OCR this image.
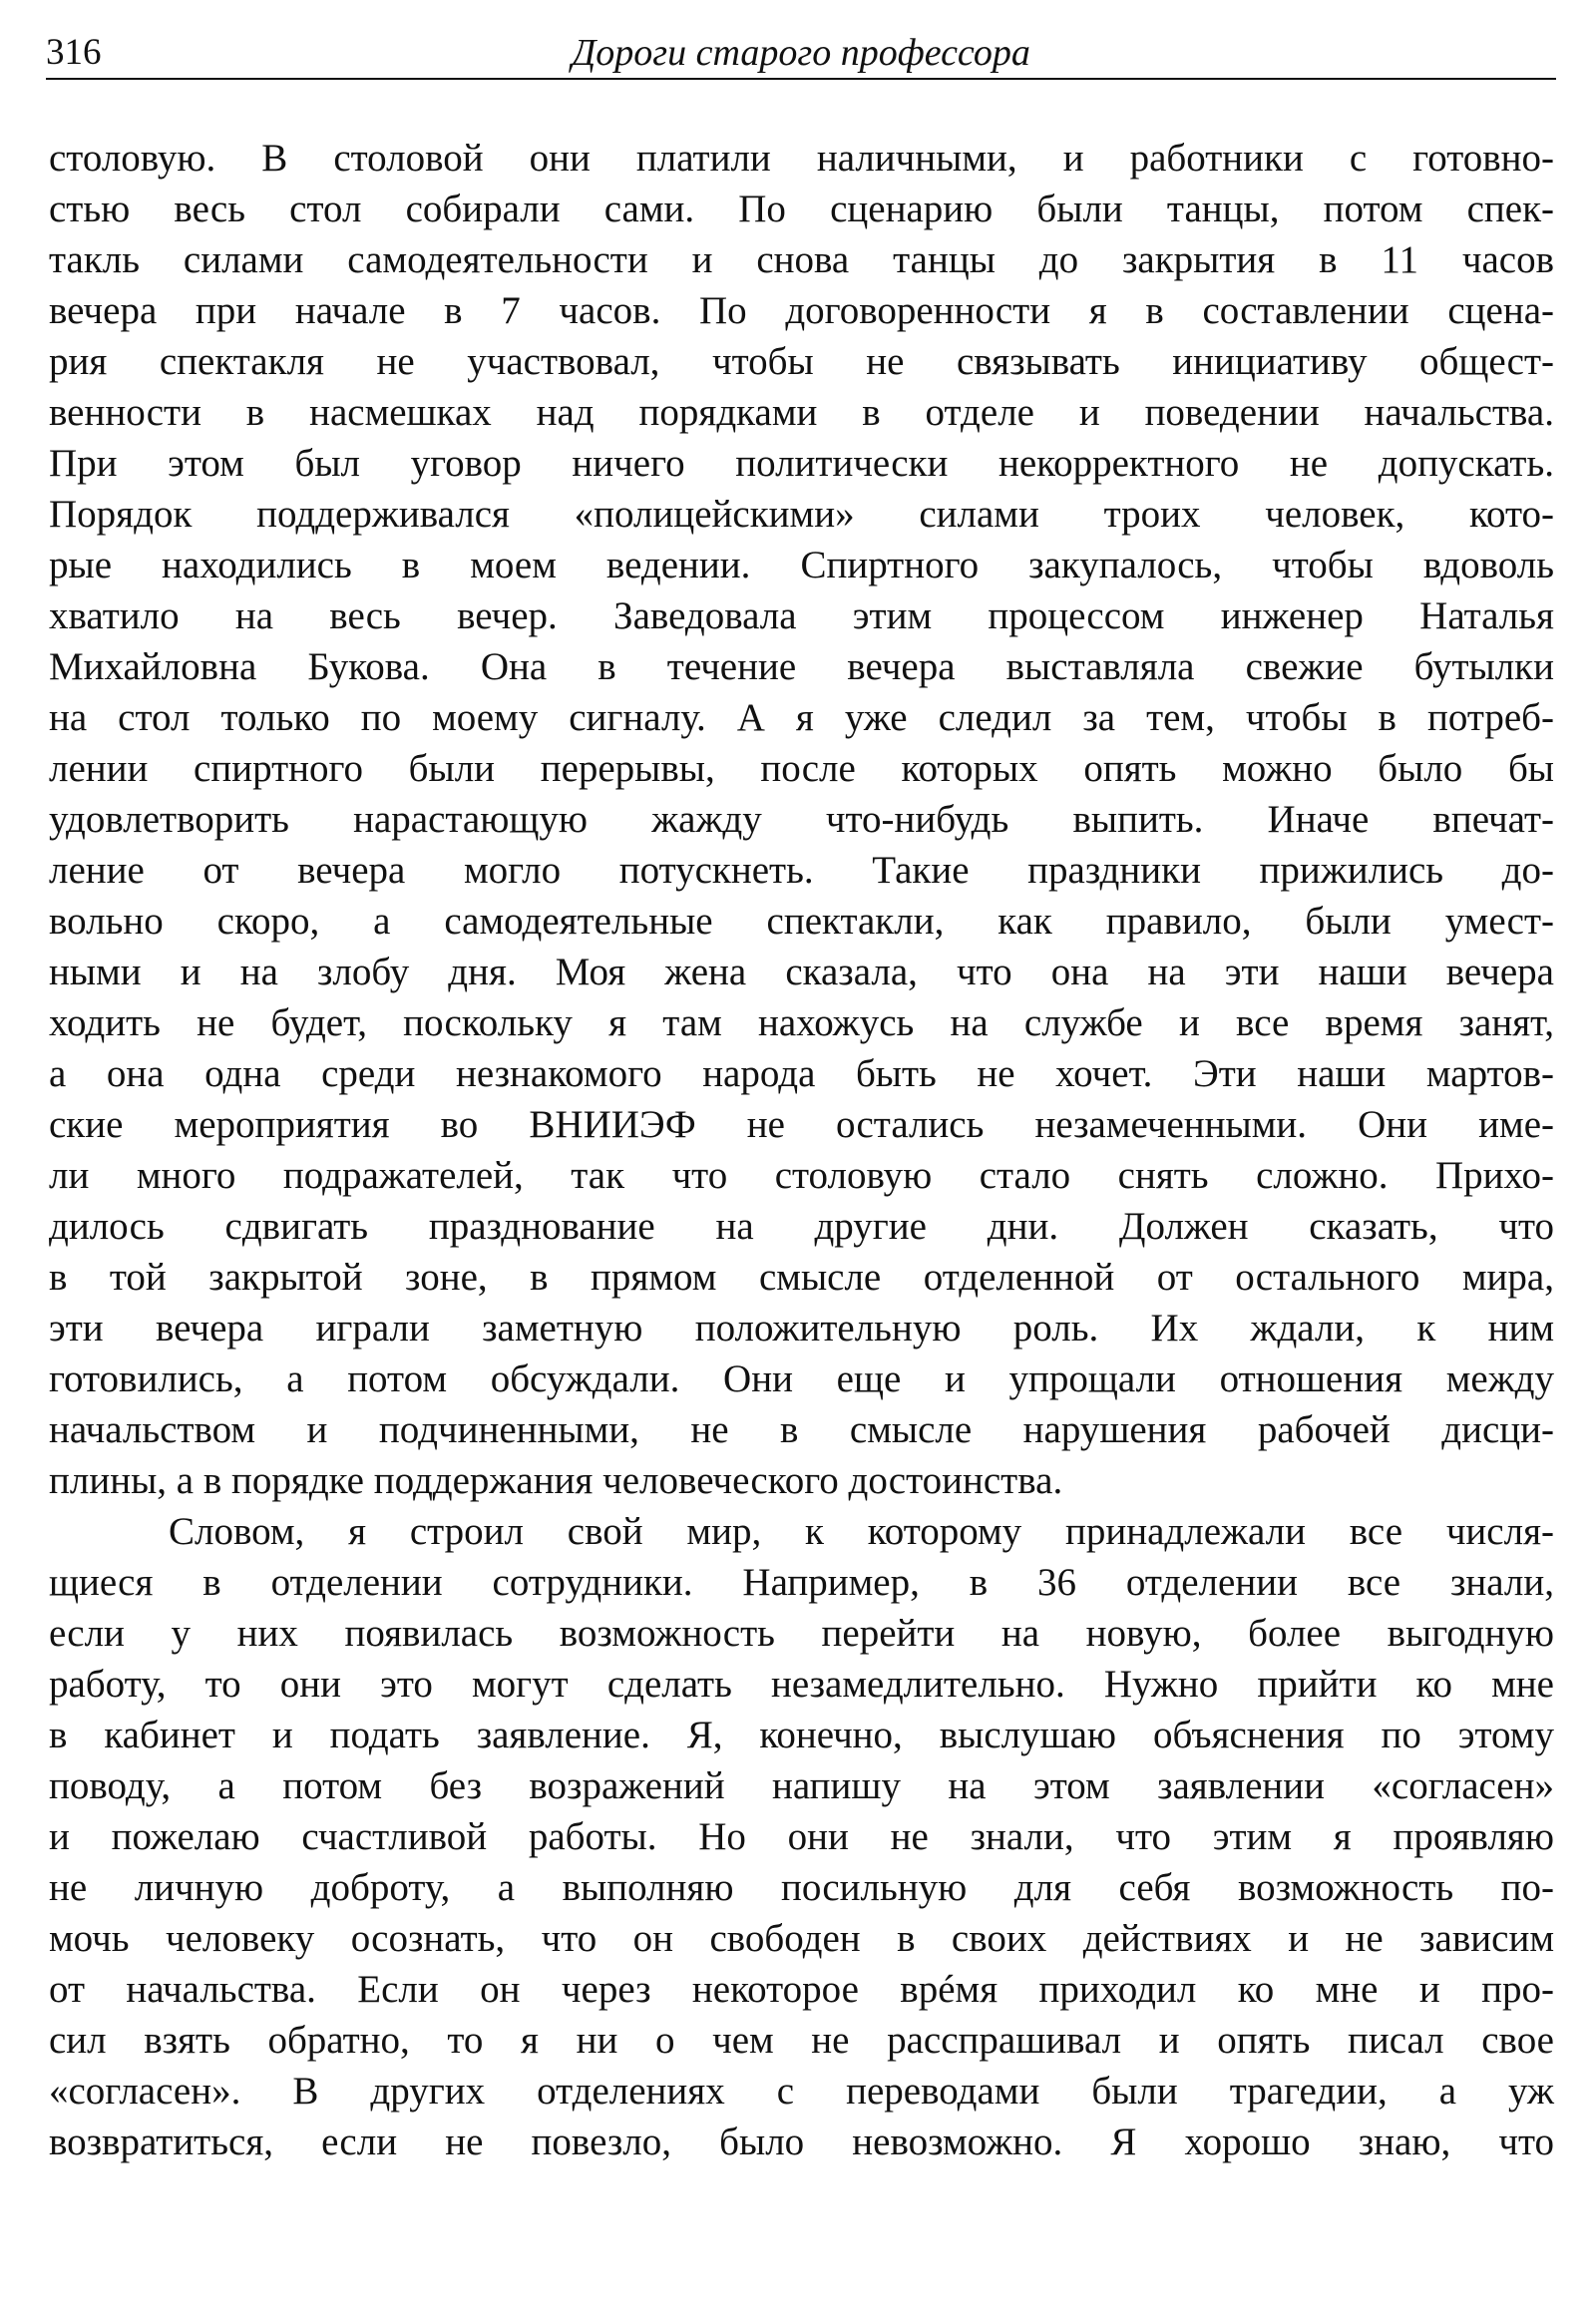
316	Дороги старого профессора
столовую. В столовой они платили наличными, и работники с готовно-
стью весь стол собирали сами. По сценарию были танцы, потом спек-
такль силами самодеятельности и снова танцы до закрытия в 11 часов
вечера при начале в 7 часов. По договоренности я в составлении сцена-
рия спектакля не участвовал, чтобы не связывать инициативу общест-
венности в насмешках над порядками в отделе и поведении начальства.
При этом был уговор ничего политически некорректного не допускать.
Порядок поддерживался «полицейскими» силами троих человек, кото-
рые находились в моем ведении. Спиртного закупалось, чтобы вдоволь
хватило на весь вечер. Заведовала этим процессом инженер Наталья
Михайловна Букова. Она в течение вечера выставляла свежие бутылки
на стол только по моему сигналу. А я уже следил за тем, чтобы в потреб-
лении спиртного были перерывы, после которых опять можно было бы
удовлетворить нарастающую жажду что-нибудь выпить. Иначе впечат-
ление от вечера могло потускнеть. Такие праздники прижились до-
вольно скоро, а самодеятельные спектакли, как правило, были умест-
ными и на злобу дня. Моя жена сказала, что она на эти наши вечера
ходить не будет, поскольку я там нахожусь на службе и все время занят,
а она одна среди незнакомого народа быть не хочет. Эти наши мартов-
ские мероприятия во ВНИИЭФ не остались незамеченными. Они име-
ли много подражателей, так что столовую стало снять сложно. Прихо-
дилось сдвигать празднование на другие дни. Должен сказать, что
в той закрытой зоне, в прямом смысле отделенной от остального мира,
эти вечера играли заметную положительную роль. Их ждали, к ним
готовились, а потом обсуждали. Они еще и упрощали отношения между
начальством и подчиненными, не в смысле нарушения рабочей дисци-
плины, а в порядке поддержания человеческого достоинства.
Словом, я строил свой мир, к которому принадлежали все числя-
щиеся в отделении сотрудники. Например, в 36 отделении все знали,
если у них появилась возможность перейти на новую, более выгодную
работу, то они это могут сделать незамедлительно. Нужно прийти ко мне
в кабинет и подать заявление. Я, конечно, выслушаю объяснения по этому
поводу, а потом без возражений напишу на этом заявлении «согласен»
и пожелаю счастливой работы. Но они не знали, что этим я проявляю
не личную доброту, а выполняю посильную для себя возможность по-
мочь человеку осознать, что он свободен в своих действиях и не зависим
от начальства. Если он через некоторое врéмя приходил ко мне и про-
сил взять обратно, то я ни о чем не расспрашивал и опять писал свое
«согласен». В других отделениях с переводами были трагедии, а уж
возвратиться, если не повезло, было невозможно. Я хорошо знаю, что
